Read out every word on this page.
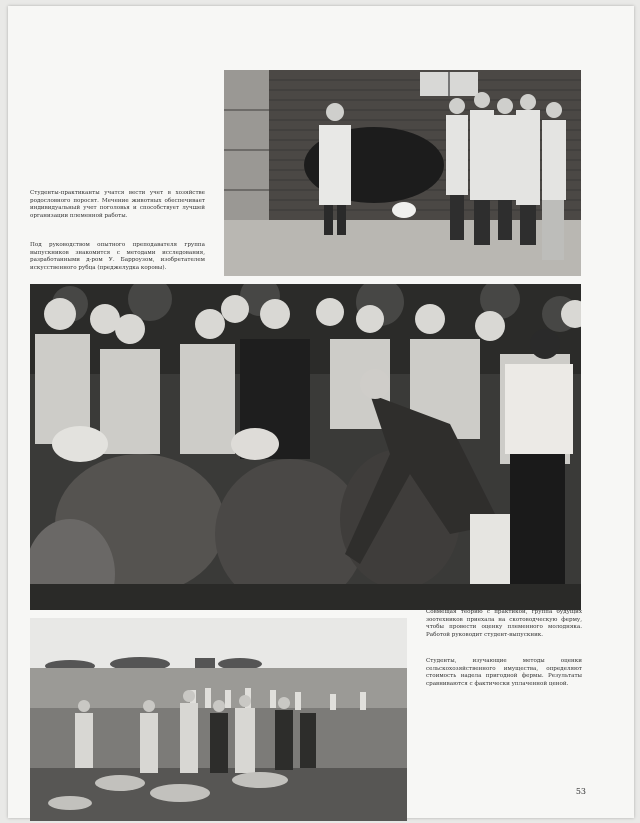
Студенты-практиканты учатся вести учет в хозяйстве родословного поросят. Мечение животных обеспечивает индивидуальный учет поголовья и способствует лучшей организации племенной работы.

Под руководством опытного преподавателя группа выпускников знакомится с методами исследования, разработанными д-ром У. Барроузом, изобретателем искусственного рубца (преджелудка коровы).

Совмещая теорию с практикой, группа будущих зоотехников приехала на скотоводческую ферму, чтобы провести оценку племенного молодняка. Работой руководит студент-выпускник.

Студенты, изучающие методы оценки сельскохозяйственного имущества, определяют стоимость надела пригодной фермы. Результаты сравниваются с фактически уплаченной ценой.

53
